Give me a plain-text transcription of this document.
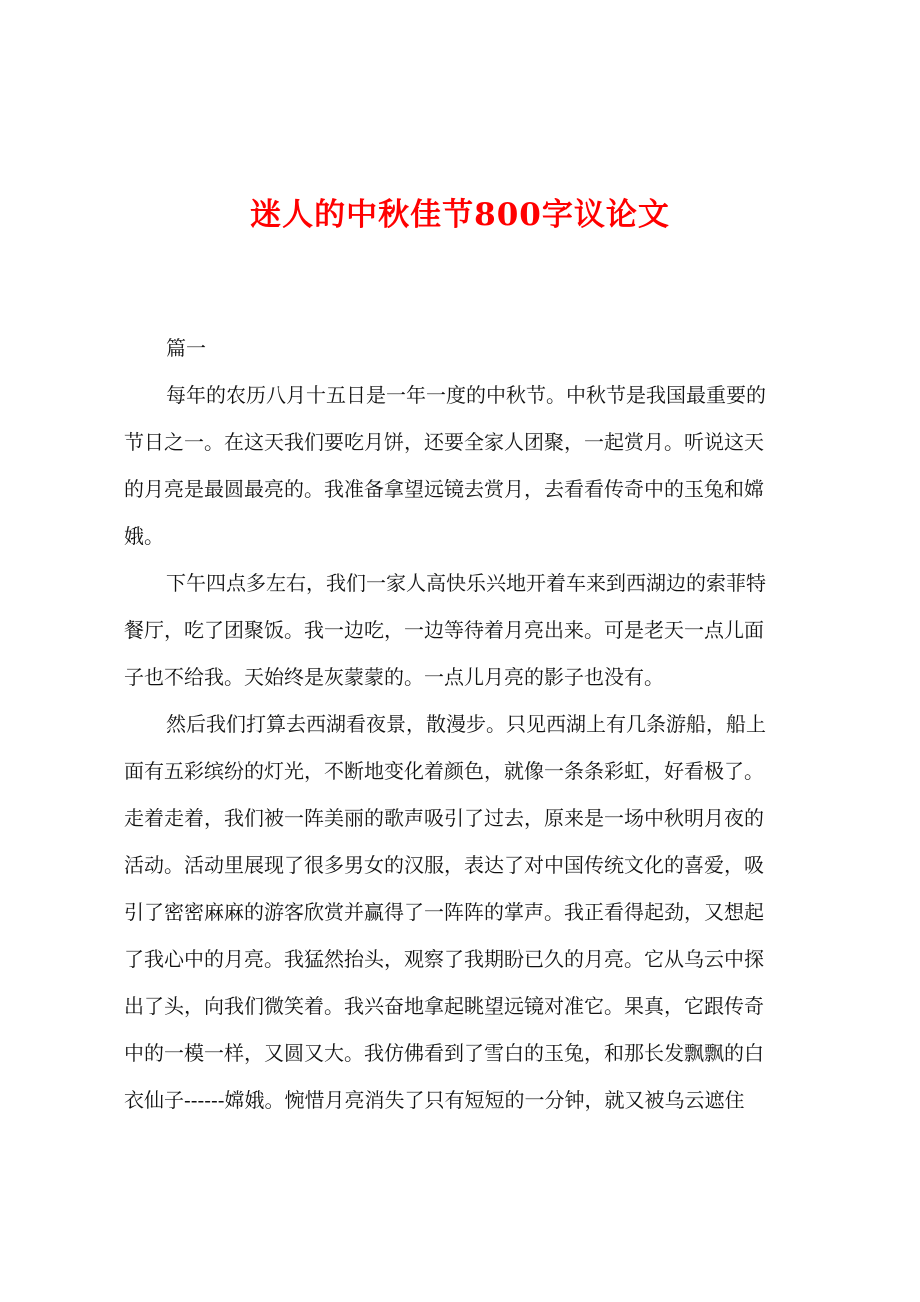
迷人的中秋佳节800字议论文
篇一
每年的农历八月十五日是一年一度的中秋节。中秋节是我国最重要的
节日之一。在这天我们要吃月饼，还要全家人团聚，一起赏月。听说这天
的月亮是最圆最亮的。我准备拿望远镜去赏月，去看看传奇中的玉兔和嫦
娥。
下午四点多左右，我们一家人高快乐兴地开着车来到西湖边的索菲特
餐厅，吃了团聚饭。我一边吃，一边等待着月亮出来。可是老天一点儿面
子也不给我。天始终是灰蒙蒙的。一点儿月亮的影子也没有。
然后我们打算去西湖看夜景，散漫步。只见西湖上有几条游船，船上
面有五彩缤纷的灯光，不断地变化着颜色，就像一条条彩虹，好看极了。
走着走着，我们被一阵美丽的歌声吸引了过去，原来是一场中秋明月夜的
活动。活动里展现了很多男女的汉服，表达了对中国传统文化的喜爱，吸
引了密密麻麻的游客欣赏并赢得了一阵阵的掌声。我正看得起劲，又想起
了我心中的月亮。我猛然抬头，观察了我期盼已久的月亮。它从乌云中探
出了头，向我们微笑着。我兴奋地拿起眺望远镜对准它。果真，它跟传奇
中的一模一样，又圆又大。我仿佛看到了雪白的玉兔，和那长发飘飘的白
衣仙子------嫦娥。惋惜月亮消失了只有短短的一分钟，就又被乌云遮住
